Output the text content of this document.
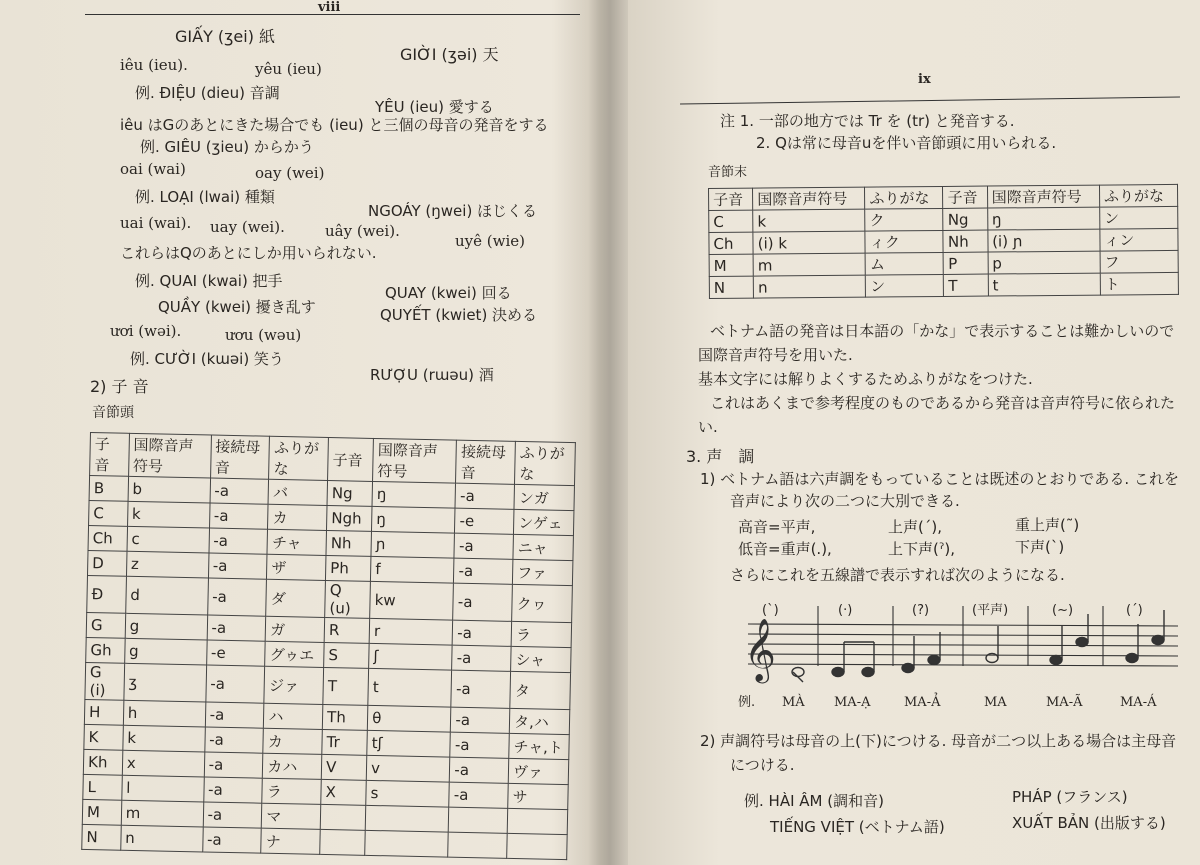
viii
GIẤY (ʒei) 紙
GIỜI (ʒəi) 天
iêu (ieu).	yêu (ieu)
例. ĐIỆU (dieu) 音調
YÊU (ieu) 愛する
iêu はGのあとにきた場合でも (ieu) と三個の母音の発音をする
例. GIÊU (ʒieu) からかう
oai (wai)	oay (wei)
例. LOẠI (lwai) 種類
NGOÁY (ŋwei) ほじくる
uai (wai). uay (wei).	uây (wei).
uyê (wie)
これらはQのあとにしか用いられない.
例. QUAI (kwai) 把手
QUAY (kwei) 回る
QUẦY (kwei) 擾き乱す	QUYẾT (kwiet) 決める
ươi (wəi).	ươu (wəu)
例. CƯỜI (kɯəi) 笑う
RƯỢU (rɯəu) 酒
2) 子 音
音節頭
子音	国際音声符号	接続母音	ふりがな	子音	国際音声符号	接続母音	ふりがな
B	b	-a	バ	Ng	ŋ	-a	ンガ
C	k	-a	カ	Ngh	ŋ	-e	ンゲェ
Ch	c	-a	チャ	Nh	ɲ	-a	ニャ
D	z	-a	ザ	Ph	f	-a	ファ
Đ	d	-a	ダ	Q (u)	kw	-a	クヮ
G	g	-a	ガ	R	r	-a	ラ
Gh	g	-e	グゥエ	S	ʃ	-a	シャ
G (i)	ʒ	-a	ジァ	T	t	-a	タ
H	h	-a	ハ	Th	θ	-a	タ,ハ
K	k	-a	カ	Tr	tʃ	-a	チャ,ト
Kh	x	-a	カハ	V	v	-a	ヴァ
L	l	-a	ラ	X	s	-a	サ
M	m	-a	マ				
N	n	-a	ナ				
ix
注 1. 一部の地方では Tr を (tr) と発音する.
2. Qは常に母音uを伴い音節頭に用いられる.
音節末
子音	国際音声符号	ふりがな	子音	国際音声符号	ふりがな
C	k	ク	Ng	ŋ	ン
Ch	(i) k	ィク	Nh	(i) ɲ	ィン
M	m	ム	P	p	フ
N	n	ン	T	t	ト
ベトナム語の発音は日本語の「かな」で表示することは難かしいので
国際音声符号を用いた.
基本文字には解りよくするためふりがなをつけた.
これはあくまで参考程度のものであるから発音は音声符号に依られた
い.
3. 声　調
1) ベトナム語は六声調をもっていることは既述のとおりである. これを
音声により次の二つに大別できる.
高音=平声,	上声(ˊ),	重上声(˜)
低音=重声(.),	上下声(ˀ),	下声(ˋ)
さらにこれを五線譜で表示すれば次のようになる.
𝄞
(ˋ)	(·)	(?)	(平声)	(~)	(ˊ)
例. MÀ MA-Ạ	MA-Ả	MA	MA-Ã	MA-Á
2) 声調符号は母音の上(下)につける. 母音が二つ以上ある場合は主母音
につける.
例. HÀI ÂM (調和音)	PHÁP (フランス)
TIẾNG VIỆT (ベトナム語)	XUẤT BẢN (出版する)
